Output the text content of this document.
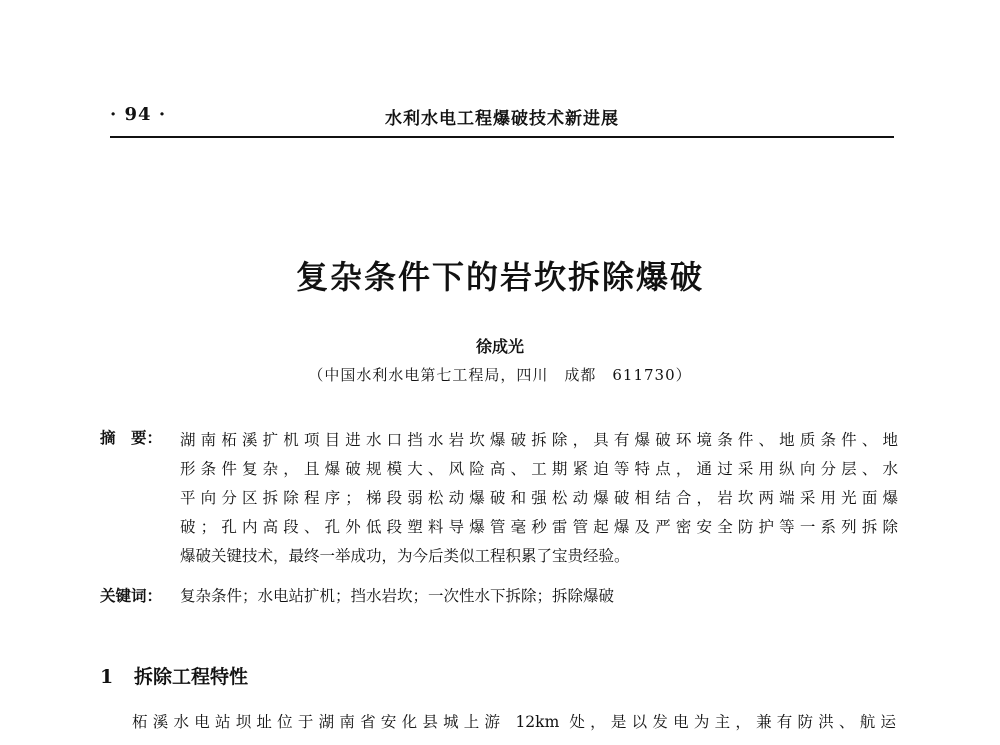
· 94 ·	水利水电工程爆破技术新进展
复杂条件下的岩坎拆除爆破
徐成光
（中国水利水电第七工程局，四川　成都　611730）
摘　要： 湖南柘溪扩机项目进水口挡水岩坎爆破拆除，具有爆破环境条件、地质条件、地
形条件复杂，且爆破规模大、风险高、工期紧迫等特点，通过采用纵向分层、水
平向分区拆除程序；梯段弱松动爆破和强松动爆破相结合，岩坎两端采用光面爆
破；孔内高段、孔外低段塑料导爆管毫秒雷管起爆及严密安全防护等一系列拆除
爆破关键技术，最终一举成功，为今后类似工程积累了宝贵经验。
关键词： 复杂条件；水电站扩机；挡水岩坎；一次性水下拆除；拆除爆破
1 拆除工程特性
柘溪水电站坝址位于湖南省安化县城上游 12km 处，是以发电为主，兼有防洪、航运
